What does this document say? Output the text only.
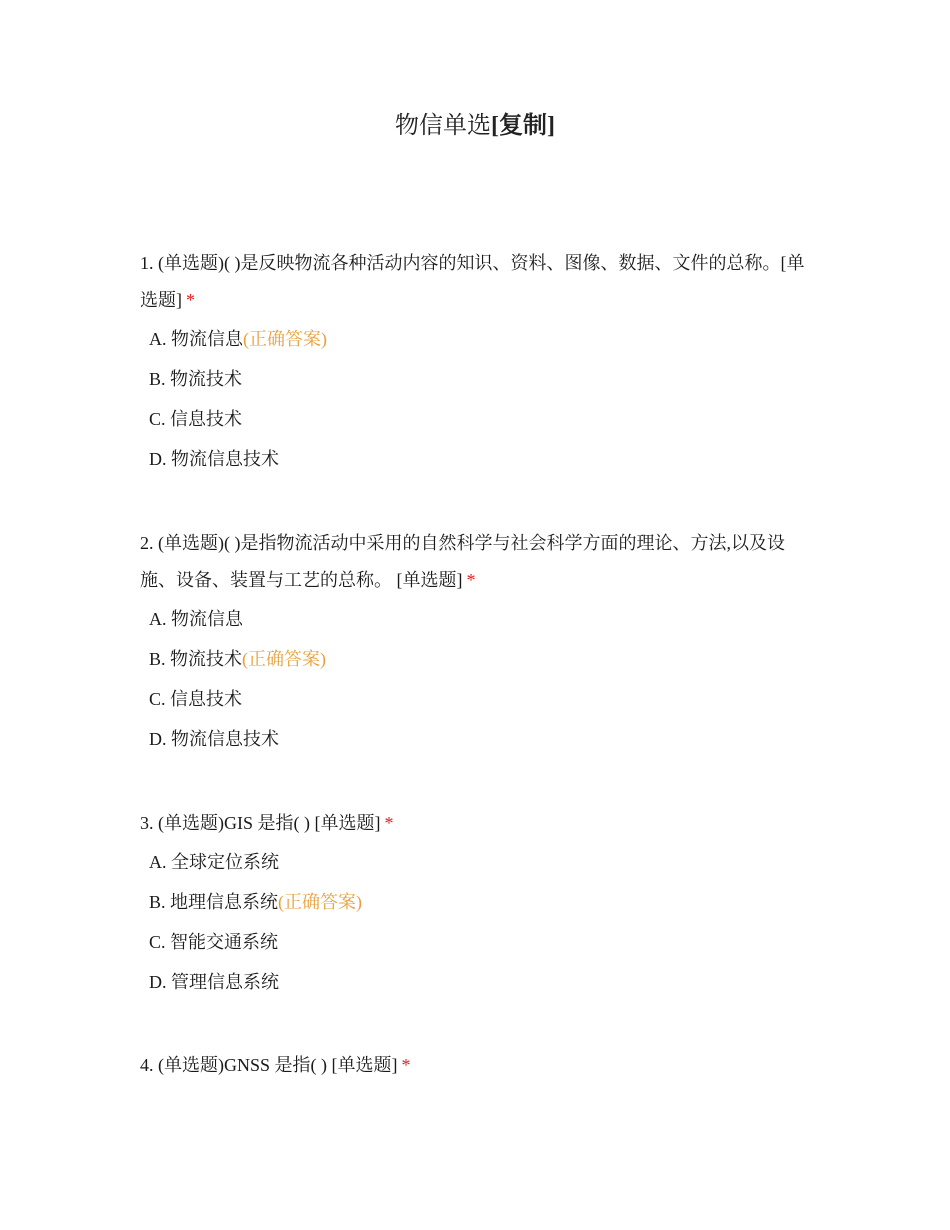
物信单选[复制]
1. (单选题)( )是反映物流各种活动内容的知识、资料、图像、数据、文件的总称。[单选题] *
A. 物流信息(正确答案)
B. 物流技术
C. 信息技术
D. 物流信息技术
2. (单选题)( )是指物流活动中采用的自然科学与社会科学方面的理论、方法,以及设施、设备、装置与工艺的总称。 [单选题] *
A. 物流信息
B. 物流技术(正确答案)
C. 信息技术
D. 物流信息技术
3. (单选题)GIS 是指( ) [单选题] *
A. 全球定位系统
B. 地理信息系统(正确答案)
C. 智能交通系统
D. 管理信息系统
4. (单选题)GNSS 是指( ) [单选题] *
